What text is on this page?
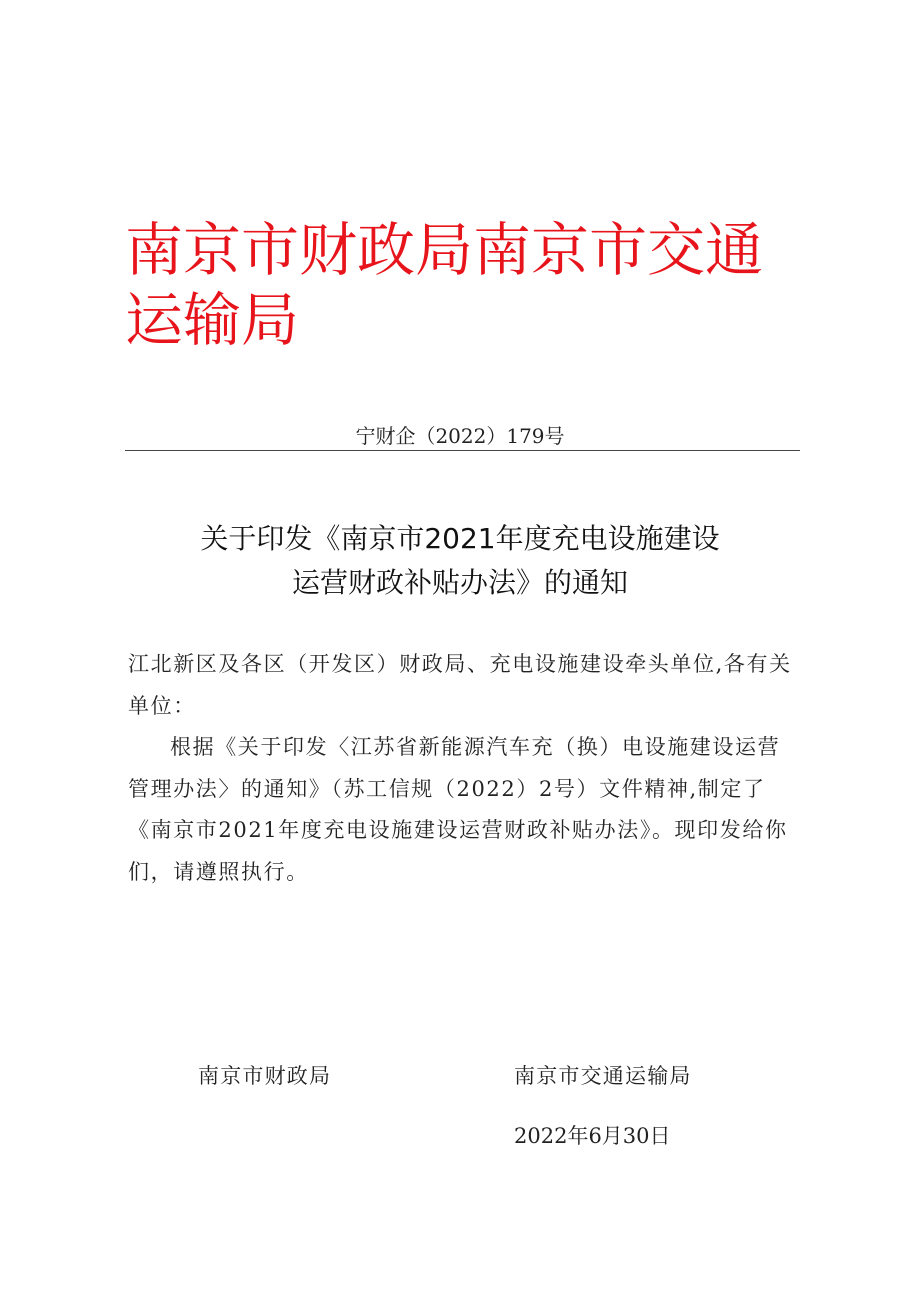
南京市财政局南京市交通运输局
宁财企（2022）179号
关于印发《南京市2021年度充电设施建设
运营财政补贴办法》的通知

江北新区及各区（开发区）财政局、充电设施建设牵头单位,各有关单位：

根据《关于印发〈江苏省新能源汽车充（换）电设施建设运营管理办法〉的通知》（苏工信规（2022）2号）文件精神,制定了《南京市2021年度充电设施建设运营财政补贴办法》。现印发给你们，请遵照执行。

南京市财政局	南京市交通运输局
2022年6月30日
